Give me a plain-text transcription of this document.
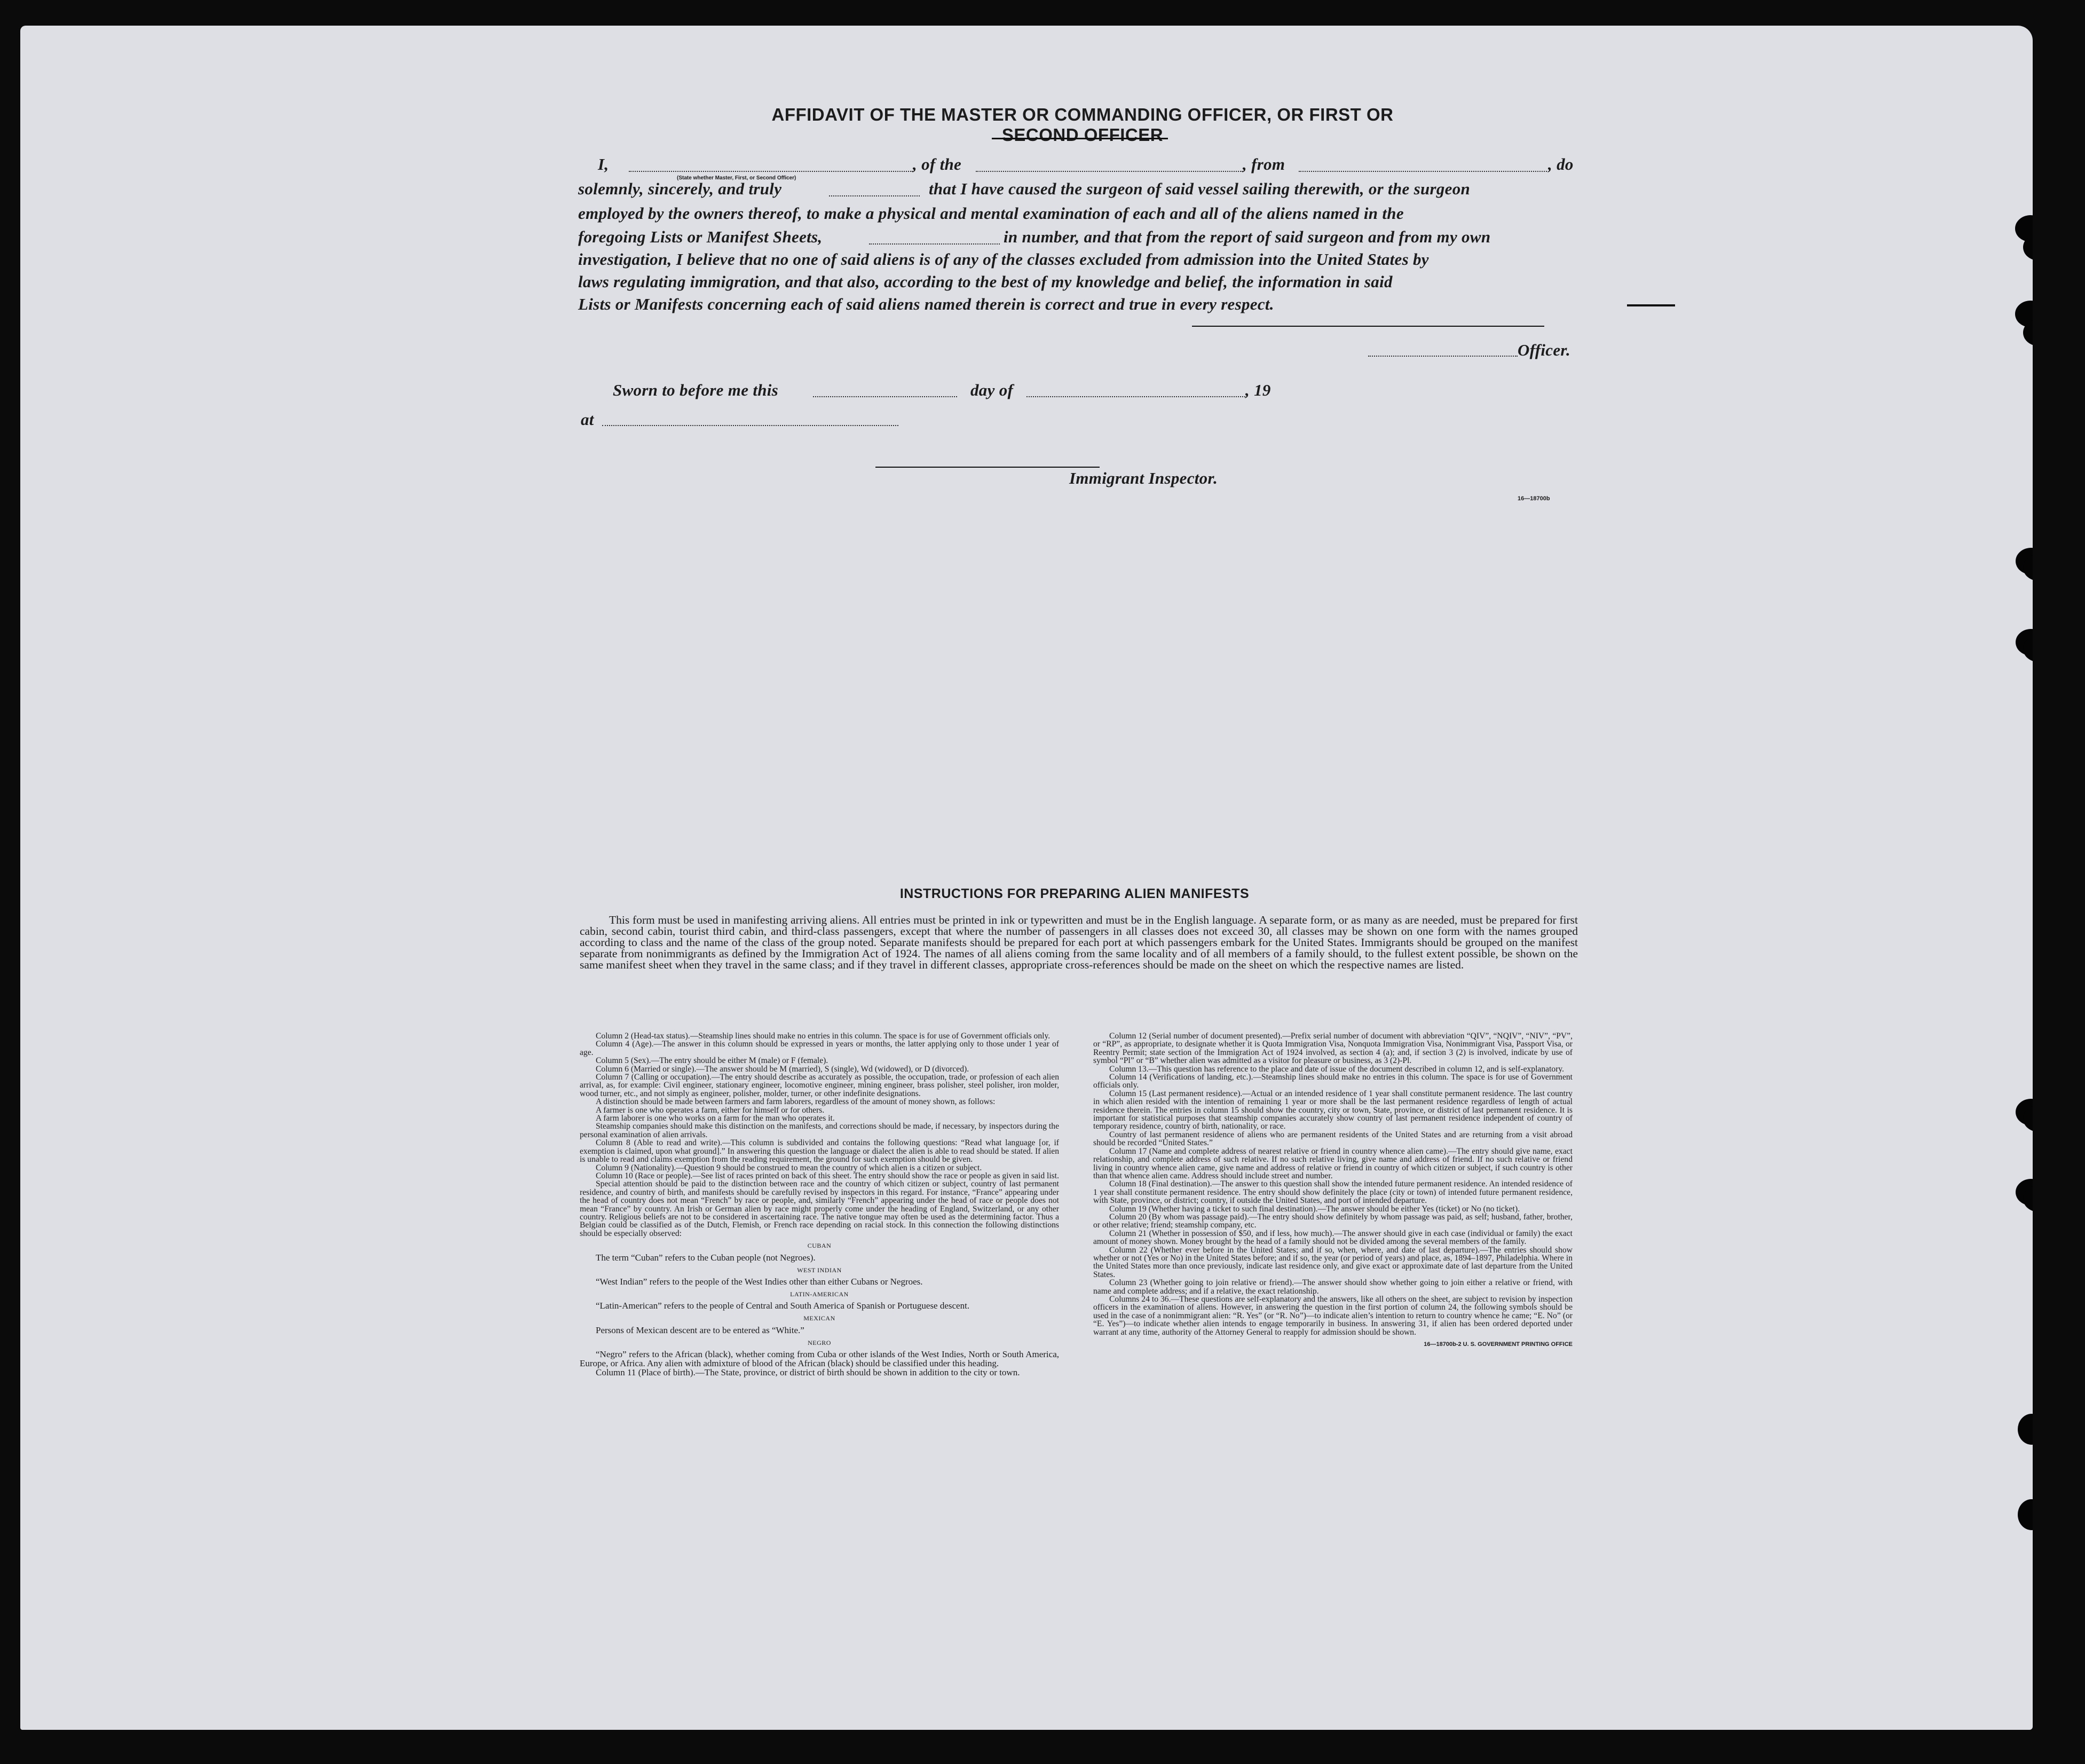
AFFIDAVIT OF THE MASTER OR COMMANDING OFFICER, OR FIRST OR SECOND OFFICER
I,	, of the	, from	, do
(State whether Master, First, or Second Officer)
solemnly, sincerely, and truly	that I have caused the surgeon of said vessel sailing therewith, or the surgeon
employed by the owners thereof, to make a physical and mental examination of each and all of the aliens named in the
foregoing Lists or Manifest Sheets,	in number, and that from the report of said surgeon and from my own
investigation, I believe that no one of said aliens is of any of the classes excluded from admission into the United States by
laws regulating immigration, and that also, according to the best of my knowledge and belief, the information in said
Lists or Manifests concerning each of said aliens named therein is correct and true in every respect.
Officer.
Sworn to before me this	day of	, 19
at
Immigrant Inspector.
16—18700b
INSTRUCTIONS FOR PREPARING ALIEN MANIFESTS
This form must be used in manifesting arriving aliens. All entries must be printed in ink or typewritten and must be in the English language. A separate form, or as many as are needed, must be prepared for first cabin, second cabin, tourist third cabin, and third-class passengers, except that where the number of passengers in all classes does not exceed 30, all classes may be shown on one form with the names grouped according to class and the name of the class of the group noted. Separate manifests should be prepared for each port at which passengers embark for the United States. Immigrants should be grouped on the manifest separate from nonimmigrants as defined by the Immigration Act of 1924. The names of all aliens coming from the same locality and of all members of a family should, to the fullest extent possible, be shown on the same manifest sheet when they travel in the same class; and if they travel in different classes, appropriate cross-references should be made on the sheet on which the respective names are listed.

Column 2 (Head-tax status).—Steamship lines should make no entries in this column. The space is for use of Government officials only.

Column 4 (Age).—The answer in this column should be expressed in years or months, the latter applying only to those under 1 year of age.

Column 5 (Sex).—The entry should be either M (male) or F (female).

Column 6 (Married or single).—The answer should be M (married), S (single), Wd (widowed), or D (divorced).

Column 7 (Calling or occupation).—The entry should describe as accurately as possible, the occupation, trade, or profession of each alien arrival, as, for example: Civil engineer, stationary engineer, locomotive engineer, mining engineer, brass polisher, steel polisher, iron molder, wood turner, etc., and not simply as engineer, polisher, molder, turner, or other indefinite designations.

A distinction should be made between farmers and farm laborers, regardless of the amount of money shown, as follows:

A farmer is one who operates a farm, either for himself or for others.

A farm laborer is one who works on a farm for the man who operates it.

Steamship companies should make this distinction on the manifests, and corrections should be made, if necessary, by inspectors during the personal examination of alien arrivals.

Column 8 (Able to read and write).—This column is subdivided and contains the following questions: “Read what language [or, if exemption is claimed, upon what ground].” In answering this question the language or dialect the alien is able to read should be stated. If alien is unable to read and claims exemption from the reading requirement, the ground for such exemption should be given.

Column 9 (Nationality).—Question 9 should be construed to mean the country of which alien is a citizen or subject.

Column 10 (Race or people).—See list of races printed on back of this sheet. The entry should show the race or people as given in said list.

Special attention should be paid to the distinction between race and the country of which citizen or subject, country of last permanent residence, and country of birth, and manifests should be carefully revised by inspectors in this regard. For instance, “France” appearing under the head of country does not mean “French” by race or people, and, similarly “French” appearing under the head of race or people does not mean “France” by country. An Irish or German alien by race might properly come under the heading of England, Switzerland, or any other country. Religious beliefs are not to be considered in ascertaining race. The native tongue may often be used as the determining factor. Thus a Belgian could be classified as of the Dutch, Flemish, or French race depending on racial stock. In this connection the following distinctions should be especially observed:

CUBAN

The term “Cuban” refers to the Cuban people (not Negroes).

WEST INDIAN

“West Indian” refers to the people of the West Indies other than either Cubans or Negroes.

LATIN-AMERICAN

“Latin-American” refers to the people of Central and South America of Spanish or Portuguese descent.

MEXICAN

Persons of Mexican descent are to be entered as “White.”

NEGRO

“Negro” refers to the African (black), whether coming from Cuba or other islands of the West Indies, North or South America, Europe, or Africa. Any alien with admixture of blood of the African (black) should be classified under this heading.

Column 11 (Place of birth).—The State, province, or district of birth should be shown in addition to the city or town.

Column 12 (Serial number of document presented).—Prefix serial number of document with abbreviation “QIV”, “NQIV”, “NIV”, “PV”, or “RP”, as appropriate, to designate whether it is Quota Immigration Visa, Nonquota Immigration Visa, Nonimmigrant Visa, Passport Visa, or Reentry Permit; state section of the Immigration Act of 1924 involved, as section 4 (a); and, if section 3 (2) is involved, indicate by use of symbol “Pl” or “B” whether alien was admitted as a visitor for pleasure or business, as 3 (2)-Pl.

Column 13.—This question has reference to the place and date of issue of the document described in column 12, and is self-explanatory.

Column 14 (Verifications of landing, etc.).—Steamship lines should make no entries in this column. The space is for use of Government officials only.

Column 15 (Last permanent residence).—Actual or an intended residence of 1 year shall constitute permanent residence. The last country in which alien resided with the intention of remaining 1 year or more shall be the last permanent residence regardless of length of actual residence therein. The entries in column 15 should show the country, city or town, State, province, or district of last permanent residence. It is important for statistical purposes that steamship companies accurately show country of last permanent residence independent of country of temporary residence, country of birth, nationality, or race.

Country of last permanent residence of aliens who are permanent residents of the United States and are returning from a visit abroad should be recorded “United States.”

Column 17 (Name and complete address of nearest relative or friend in country whence alien came).—The entry should give name, exact relationship, and complete address of such relative. If no such relative living, give name and address of friend. If no such relative or friend living in country whence alien came, give name and address of relative or friend in country of which citizen or subject, if such country is other than that whence alien came. Address should include street and number.

Column 18 (Final destination).—The answer to this question shall show the intended future permanent residence. An intended residence of 1 year shall constitute permanent residence. The entry should show definitely the place (city or town) of intended future permanent residence, with State, province, or district; country, if outside the United States, and port of intended departure.

Column 19 (Whether having a ticket to such final destination).—The answer should be either Yes (ticket) or No (no ticket).

Column 20 (By whom was passage paid).—The entry should show definitely by whom passage was paid, as self; husband, father, brother, or other relative; friend; steamship company, etc.

Column 21 (Whether in possession of $50, and if less, how much).—The answer should give in each case (individual or family) the exact amount of money shown. Money brought by the head of a family should not be divided among the several members of the family.

Column 22 (Whether ever before in the United States; and if so, when, where, and date of last departure).—The entries should show whether or not (Yes or No) in the United States before; and if so, the year (or period of years) and place, as, 1894–1897, Philadelphia. Where in the United States more than once previously, indicate last residence only, and give exact or approximate date of last departure from the United States.

Column 23 (Whether going to join relative or friend).—The answer should show whether going to join either a relative or friend, with name and complete address; and if a relative, the exact relationship.

Columns 24 to 36.—These questions are self-explanatory and the answers, like all others on the sheet, are subject to revision by inspection officers in the examination of aliens. However, in answering the question in the first portion of column 24, the following symbols should be used in the case of a nonimmigrant alien: “R. Yes” (or “R. No”)—to indicate alien’s intention to return to country whence he came; “E. No” (or “E. Yes”)—to indicate whether alien intends to engage temporarily in business. In answering 31, if alien has been ordered deported under warrant at any time, authority of the Attorney General to reapply for admission should be shown.

16—18700b-2 U. S. GOVERNMENT PRINTING OFFICE
